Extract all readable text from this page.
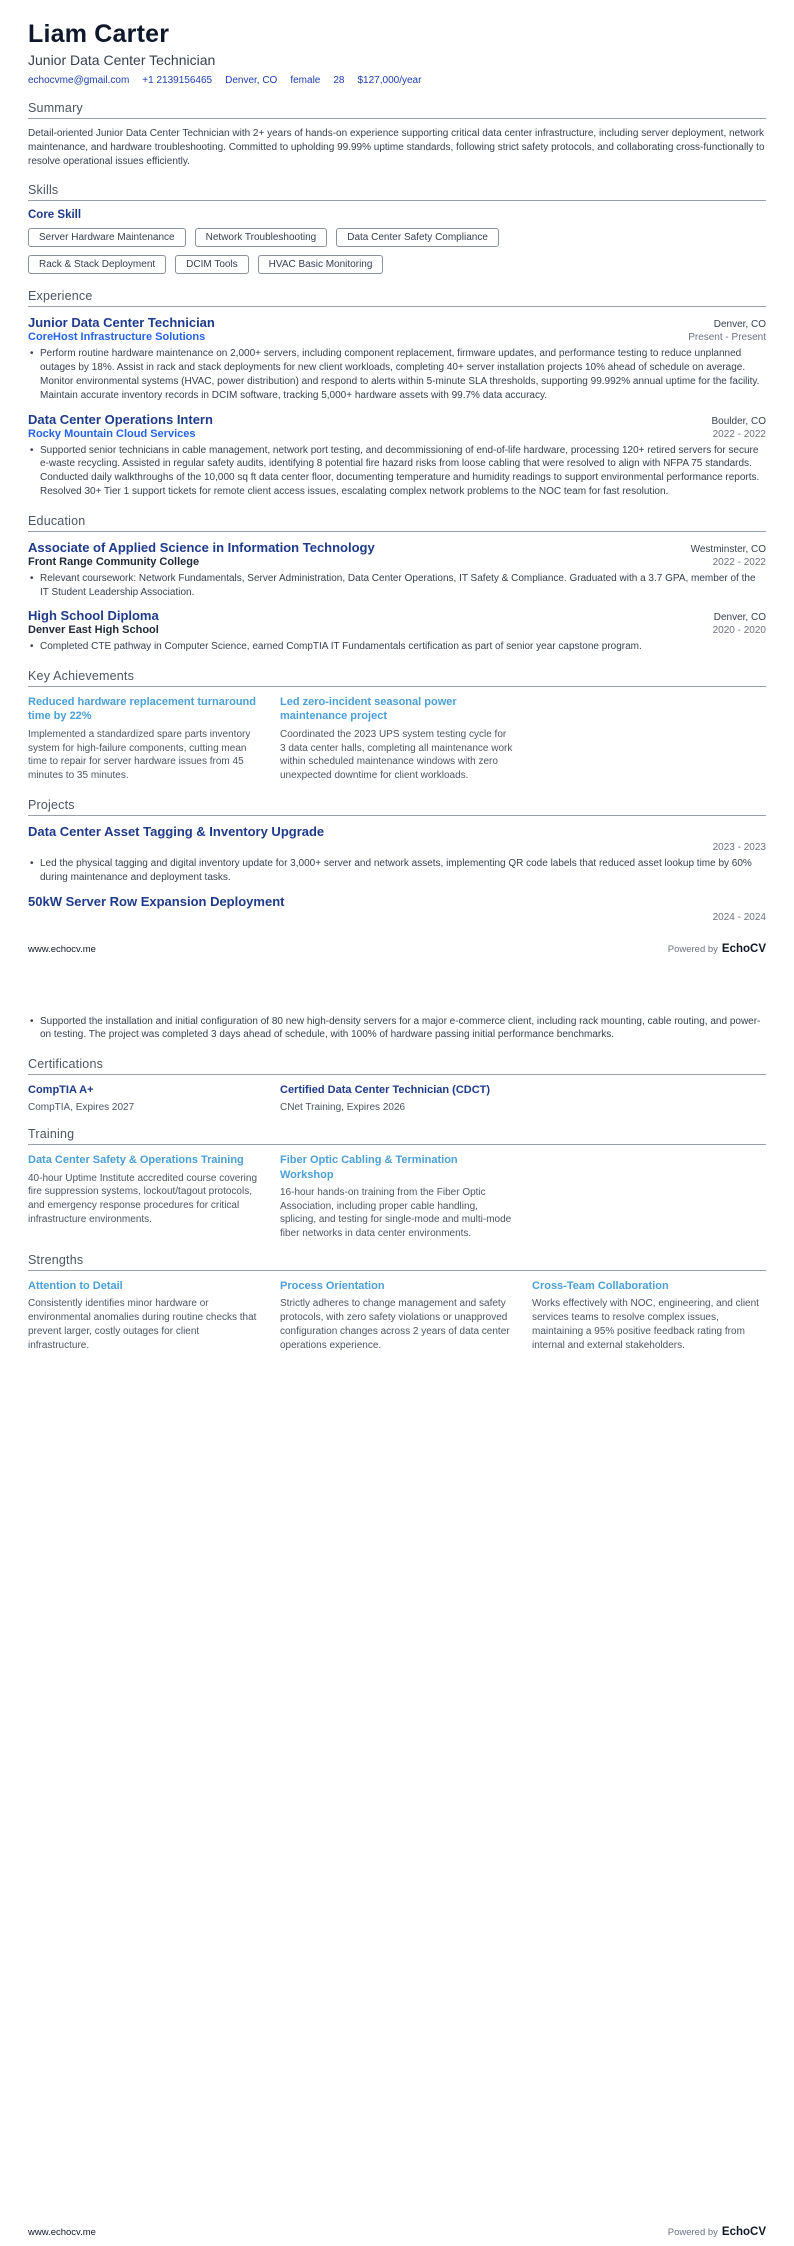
Liam Carter
Junior Data Center Technician
echocvme@gmail.com +1 2139156465 Denver, CO female 28 $127,000/year
Summary

Detail-oriented Junior Data Center Technician with 2+ years of hands-on experience supporting critical data center infrastructure, including server deployment, network maintenance, and hardware troubleshooting. Committed to upholding 99.99% uptime standards, following strict safety protocols, and collaborating cross-functionally to resolve operational issues efficiently.

Skills
Core Skill
Server Hardware Maintenance	Network Troubleshooting	Data Center Safety Compliance
Rack & Stack Deployment	DCIM Tools	HVAC Basic Monitoring
Experience
Junior Data Center Technician	Denver, CO
CoreHost Infrastructure Solutions	Present - Present
• Perform routine hardware maintenance on 2,000+ servers, including component replacement, firmware updates, and performance testing to reduce unplanned outages by 18%. Assist in rack and stack deployments for new client workloads, completing 40+ server installation projects 10% ahead of schedule on average. Monitor environmental systems (HVAC, power distribution) and respond to alerts within 5-minute SLA thresholds, supporting 99.992% annual uptime for the facility. Maintain accurate inventory records in DCIM software, tracking 5,000+ hardware assets with 99.7% data accuracy.
Data Center Operations Intern	Boulder, CO
Rocky Mountain Cloud Services	2022 - 2022
• Supported senior technicians in cable management, network port testing, and decommissioning of end-of-life hardware, processing 120+ retired servers for secure e-waste recycling. Assisted in regular safety audits, identifying 8 potential fire hazard risks from loose cabling that were resolved to align with NFPA 75 standards. Conducted daily walkthroughs of the 10,000 sq ft data center floor, documenting temperature and humidity readings to support environmental performance reports. Resolved 30+ Tier 1 support tickets for remote client access issues, escalating complex network problems to the NOC team for fast resolution.
Education
Associate of Applied Science in Information Technology	Westminster, CO
Front Range Community College	2022 - 2022
• Relevant coursework: Network Fundamentals, Server Administration, Data Center Operations, IT Safety & Compliance. Graduated with a 3.7 GPA, member of the IT Student Leadership Association.
High School Diploma	Denver, CO
Denver East High School	2020 - 2020
• Completed CTE pathway in Computer Science, earned CompTIA IT Fundamentals certification as part of senior year capstone program.
Key Achievements
Reduced hardware replacement turnaround time by 22%
Implemented a standardized spare parts inventory system for high-failure components, cutting mean time to repair for server hardware issues from 45 minutes to 35 minutes.
Led zero-incident seasonal power maintenance project
Coordinated the 2023 UPS system testing cycle for 3 data center halls, completing all maintenance work within scheduled maintenance windows with zero unexpected downtime for client workloads.
Projects
Data Center Asset Tagging & Inventory Upgrade
2023 - 2023
• Led the physical tagging and digital inventory update for 3,000+ server and network assets, implementing QR code labels that reduced asset lookup time by 60% during maintenance and deployment tasks.
50kW Server Row Expansion Deployment
2024 - 2024
www.echocv.me	Powered by EchoCV
• Supported the installation and initial configuration of 80 new high-density servers for a major e-commerce client, including rack mounting, cable routing, and power-on testing. The project was completed 3 days ahead of schedule, with 100% of hardware passing initial performance benchmarks.
Certifications
CompTIA A+
CompTIA, Expires 2027
Certified Data Center Technician (CDCT)
CNet Training, Expires 2026
Training
Data Center Safety & Operations Training
40-hour Uptime Institute accredited course covering fire suppression systems, lockout/tagout protocols, and emergency response procedures for critical infrastructure environments.
Fiber Optic Cabling & Termination Workshop
16-hour hands-on training from the Fiber Optic Association, including proper cable handling, splicing, and testing for single-mode and multi-mode fiber networks in data center environments.
Strengths
Attention to Detail
Consistently identifies minor hardware or environmental anomalies during routine checks that prevent larger, costly outages for client infrastructure.
Process Orientation
Strictly adheres to change management and safety protocols, with zero safety violations or unapproved configuration changes across 2 years of data center operations experience.
Cross-Team Collaboration
Works effectively with NOC, engineering, and client services teams to resolve complex issues, maintaining a 95% positive feedback rating from internal and external stakeholders.
www.echocv.me	Powered by EchoCV
